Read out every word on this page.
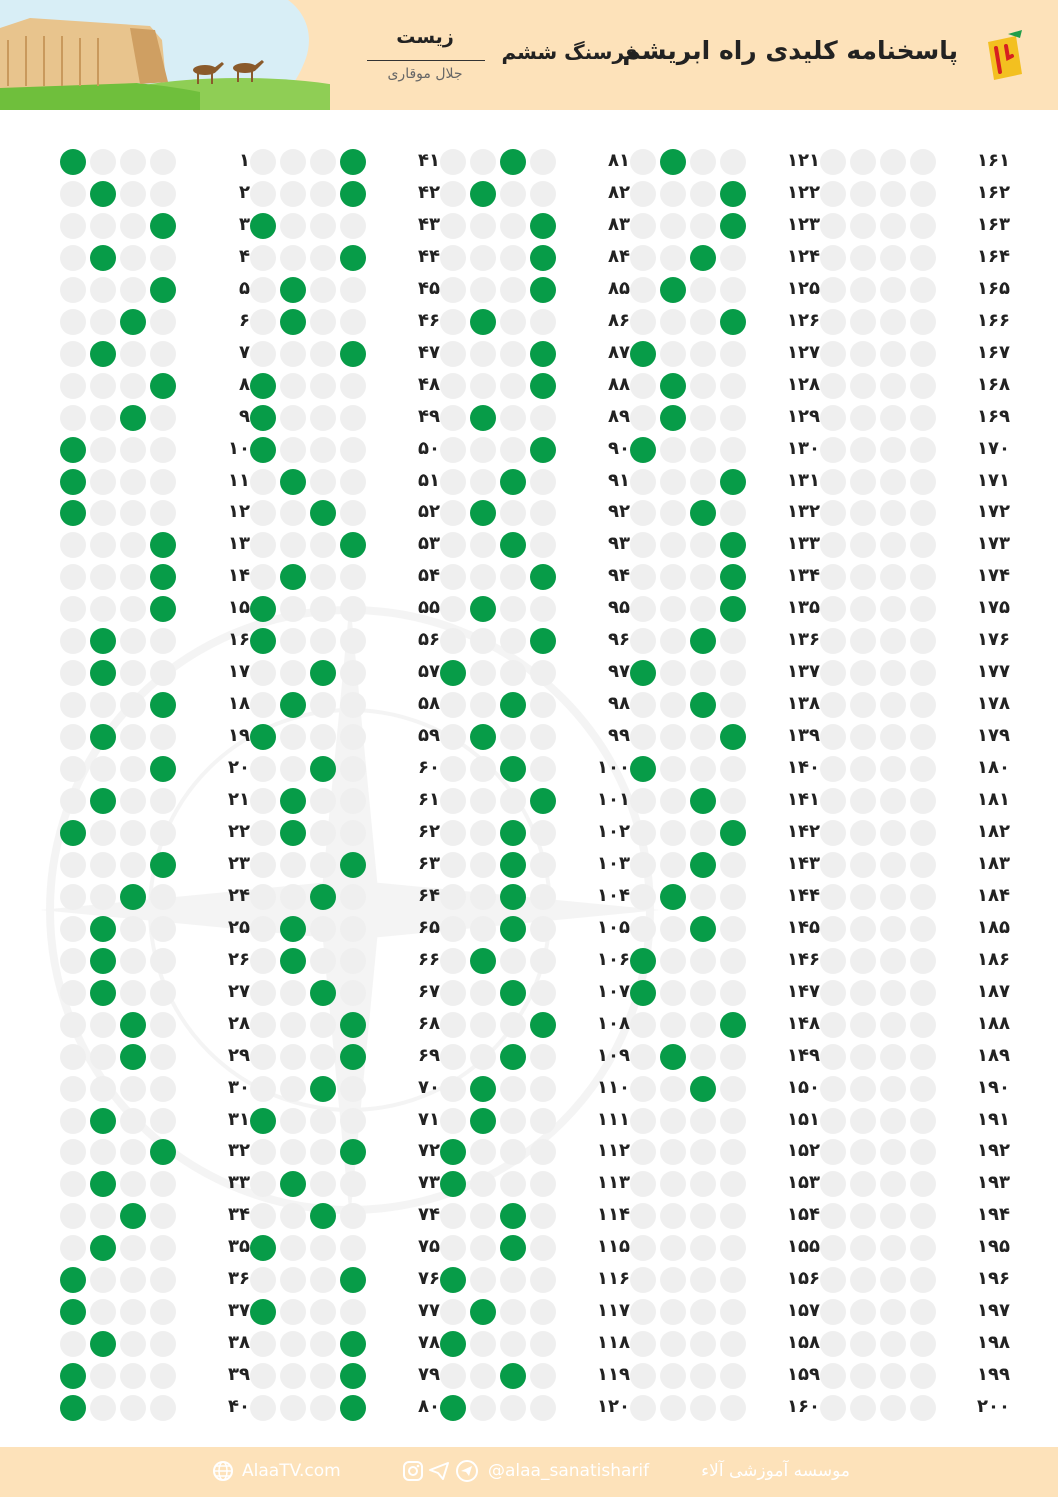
پاسخنامه کلیدی راه ابریشم
فرسنگ ششم
زیست
جلال موقاری
۱
۲
۳
۴
۵
۶
۷
۸
۹
۱۰
۱۱
۱۲
۱۳
۱۴
۱۵
۱۶
۱۷
۱۸
۱۹
۲۰
۲۱
۲۲
۲۳
۲۴
۲۵
۲۶
۲۷
۲۸
۲۹
۳۰
۳۱
۳۲
۳۳
۳۴
۳۵
۳۶
۳۷
۳۸
۳۹
۴۰
۴۱
۴۲
۴۳
۴۴
۴۵
۴۶
۴۷
۴۸
۴۹
۵۰
۵۱
۵۲
۵۳
۵۴
۵۵
۵۶
۵۷
۵۸
۵۹
۶۰
۶۱
۶۲
۶۳
۶۴
۶۵
۶۶
۶۷
۶۸
۶۹
۷۰
۷۱
۷۲
۷۳
۷۴
۷۵
۷۶
۷۷
۷۸
۷۹
۸۰
۸۱
۸۲
۸۳
۸۴
۸۵
۸۶
۸۷
۸۸
۸۹
۹۰
۹۱
۹۲
۹۳
۹۴
۹۵
۹۶
۹۷
۹۸
۹۹
۱۰۰
۱۰۱
۱۰۲
۱۰۳
۱۰۴
۱۰۵
۱۰۶
۱۰۷
۱۰۸
۱۰۹
۱۱۰
۱۱۱
۱۱۲
۱۱۳
۱۱۴
۱۱۵
۱۱۶
۱۱۷
۱۱۸
۱۱۹
۱۲۰
۱۲۱
۱۲۲
۱۲۳
۱۲۴
۱۲۵
۱۲۶
۱۲۷
۱۲۸
۱۲۹
۱۳۰
۱۳۱
۱۳۲
۱۳۳
۱۳۴
۱۳۵
۱۳۶
۱۳۷
۱۳۸
۱۳۹
۱۴۰
۱۴۱
۱۴۲
۱۴۳
۱۴۴
۱۴۵
۱۴۶
۱۴۷
۱۴۸
۱۴۹
۱۵۰
۱۵۱
۱۵۲
۱۵۳
۱۵۴
۱۵۵
۱۵۶
۱۵۷
۱۵۸
۱۵۹
۱۶۰
۱۶۱
۱۶۲
۱۶۳
۱۶۴
۱۶۵
۱۶۶
۱۶۷
۱۶۸
۱۶۹
۱۷۰
۱۷۱
۱۷۲
۱۷۳
۱۷۴
۱۷۵
۱۷۶
۱۷۷
۱۷۸
۱۷۹
۱۸۰
۱۸۱
۱۸۲
۱۸۳
۱۸۴
۱۸۵
۱۸۶
۱۸۷
۱۸۸
۱۸۹
۱۹۰
۱۹۱
۱۹۲
۱۹۳
۱۹۴
۱۹۵
۱۹۶
۱۹۷
۱۹۸
۱۹۹
۲۰۰
موسسه آموزشی آلاء
@alaa_sanatisharif
AlaaTV.com
